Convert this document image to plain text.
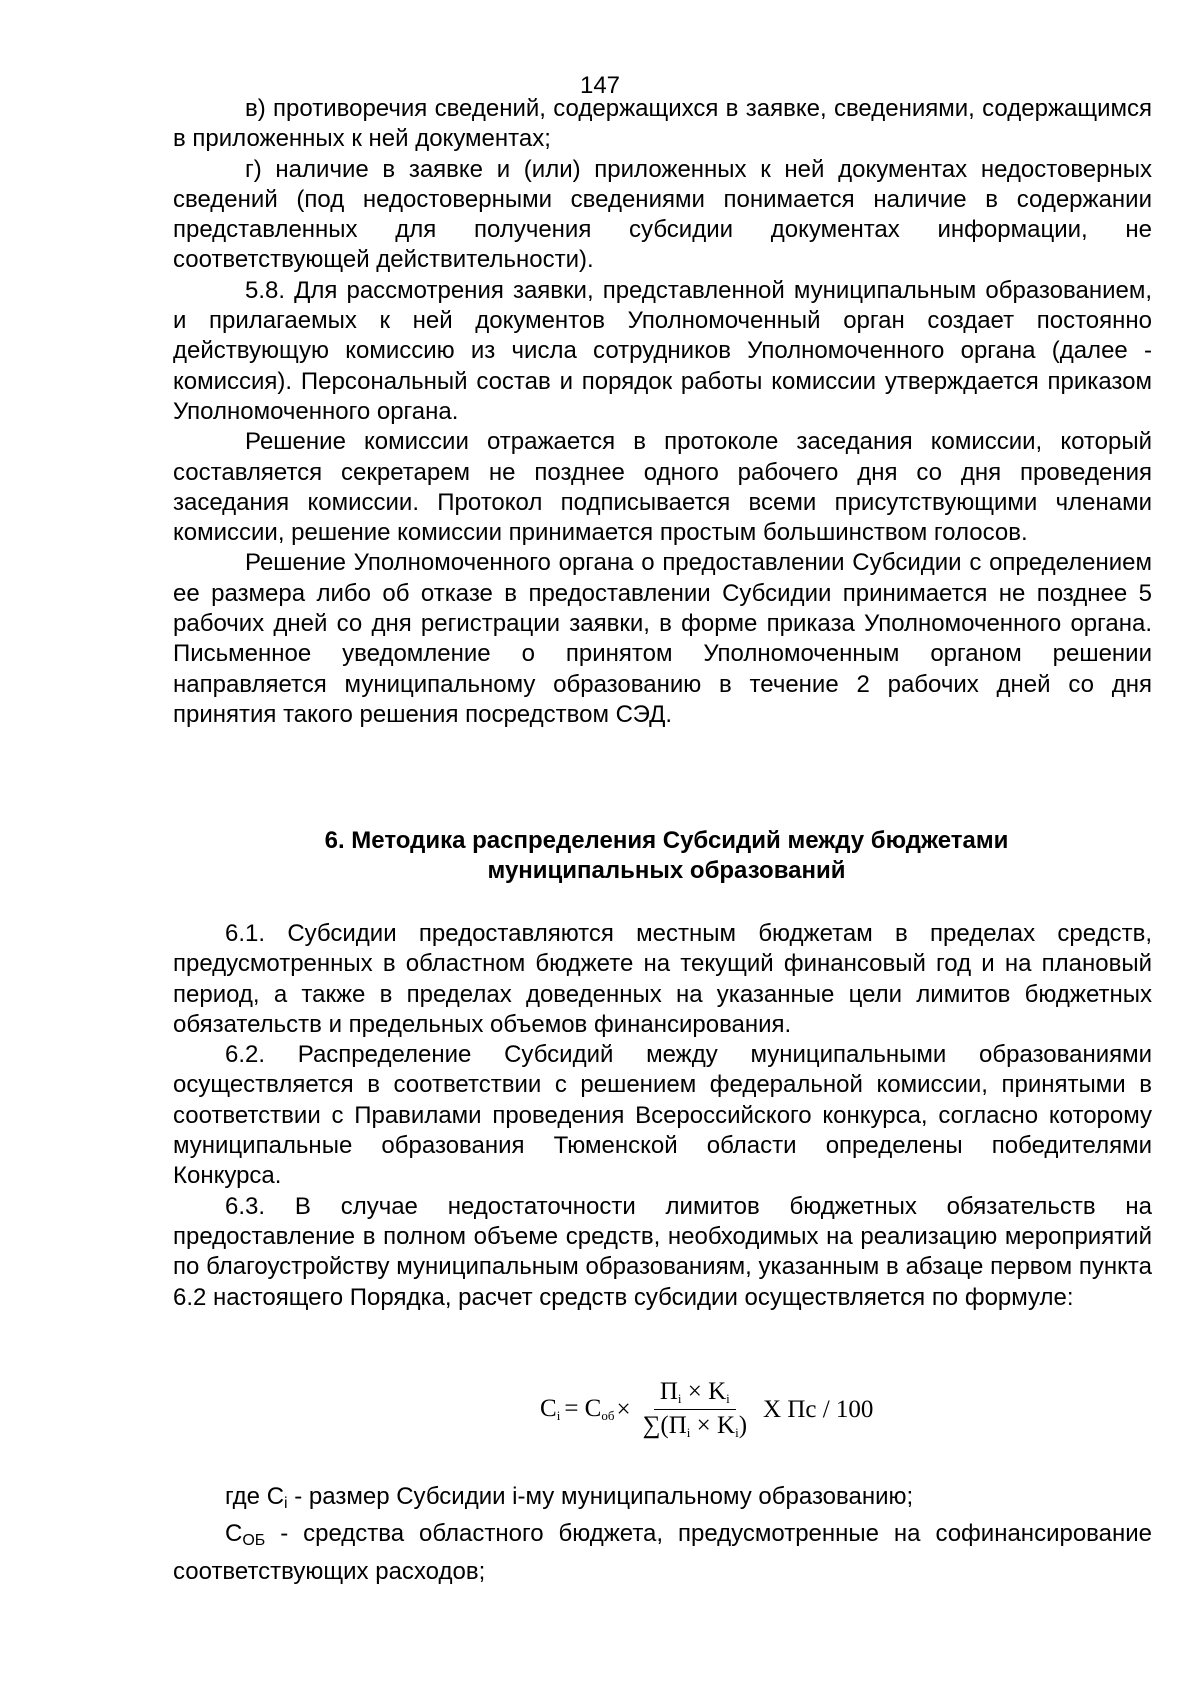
147

в) противоречия сведений, содержащихся в заявке, сведениями, содержащимся в приложенных к ней документах;

г) наличие в заявке и (или) приложенных к ней документах недостоверных сведений (под недостоверными сведениями понимается наличие в содержании представленных для получения субсидии документах информации, не соответствующей действительности).

5.8. Для рассмотрения заявки, представленной муниципальным образованием, и прилагаемых к ней документов Уполномоченный орган создает постоянно действующую комиссию из числа сотрудников Уполномоченного органа (далее - комиссия). Персональный состав и порядок работы комиссии утверждается приказом Уполномоченного органа.

Решение комиссии отражается в протоколе заседания комиссии, который составляется секретарем не позднее одного рабочего дня со дня проведения заседания комиссии. Протокол подписывается всеми присутствующими членами комиссии, решение комиссии принимается простым большинством голосов.

Решение Уполномоченного органа о предоставлении Субсидии с определением ее размера либо об отказе в предоставлении Субсидии принимается не позднее 5 рабочих дней со дня регистрации заявки, в форме приказа Уполномоченного органа. Письменное уведомление о принятом Уполномоченным органом решении направляется муниципальному образованию в течение 2 рабочих дней со дня принятия такого решения посредством СЭД.

6. Методика распределения Субсидий между бюджетами
муниципальных образований

6.1. Субсидии предоставляются местным бюджетам в пределах средств, предусмотренных в областном бюджете на текущий финансовый год и на плановый период, а также в пределах доведенных на указанные цели лимитов бюджетных обязательств и предельных объемов финансирования.

6.2. Распределение Субсидий между муниципальными образованиями осуществляется в соответствии с решением федеральной комиссии, принятыми в соответствии с Правилами проведения Всероссийского конкурса, согласно которому муниципальные образования Тюменской области определены победителями Конкурса.

6.3. В случае недостаточности лимитов бюджетных обязательств на предоставление в полном объеме средств, необходимых на реализацию мероприятий по благоустройству муниципальным образованиям, указанным в абзаце первом пункта 6.2 настоящего Порядка, расчет средств субсидии осуществляется по формуле:

$C_i = C_{об} \times \frac{П_i \times K_i}{\sum(П_i \times K_i)}$ Х Пс / 100

где $C_i$ - размер Субсидии i-му муниципальному образованию;

$C_{ОБ}$ - средства областного бюджета, предусмотренные на софинансирование соответствующих расходов;
